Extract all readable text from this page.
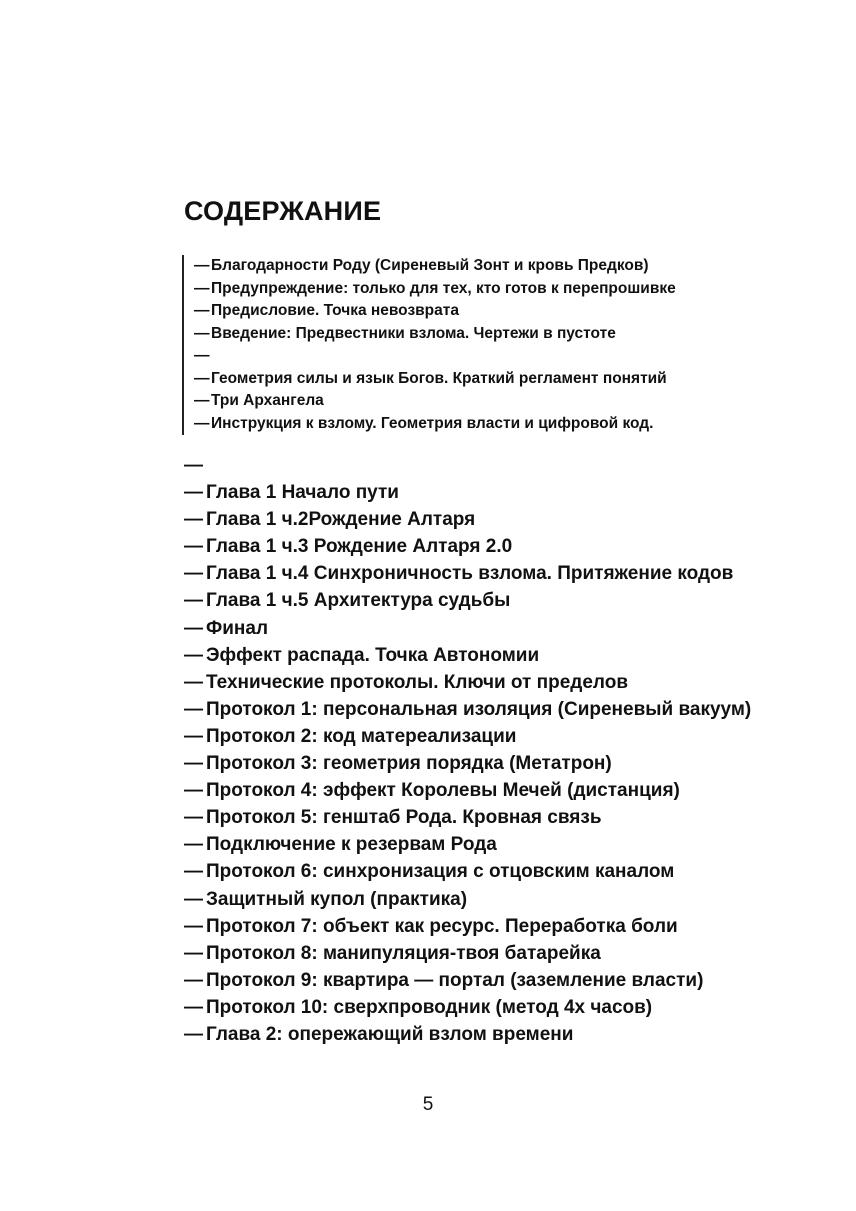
СОДЕРЖАНИЕ
—Благодарности Роду (Сиреневый Зонт и кровь Предков)
—Предупреждение: только для тех, кто готов к перепрошивке
—Предисловие. Точка невозврата
—Введение: Предвестники взлома. Чертежи в пустоте
—
—Геометрия силы и язык Богов. Краткий регламент понятий
—Три Архангела
—Инструкция к взлому. Геометрия власти и цифровой код.
—
— Глава 1 Начало пути
— Глава 1 ч.2Рождение Алтаря
— Глава 1 ч.3 Рождение Алтаря 2.0
— Глава 1 ч.4 Синхроничность взлома. Притяжение кодов
— Глава 1 ч.5 Архитектура судьбы
— Финал
— Эффект распада. Точка Автономии
— Технические протоколы. Ключи от пределов
— Протокол 1: персональная изоляция (Сиреневый вакуум)
— Протокол 2: код матереализации
— Протокол 3: геометрия порядка (Метатрон)
— Протокол 4: эффект Королевы Мечей (дистанция)
— Протокол 5: генштаб Рода. Кровная связь
— Подключение к резервам Рода
— Протокол 6: синхронизация с отцовским каналом
— Защитный купол (практика)
— Протокол 7: объект как ресурс. Переработка боли
— Протокол 8: манипуляция-твоя батарейка
— Протокол 9: квартира — портал (заземление власти)
— Протокол 10: сверхпроводник (метод 4х часов)
— Глава 2: опережающий взлом времени
5
